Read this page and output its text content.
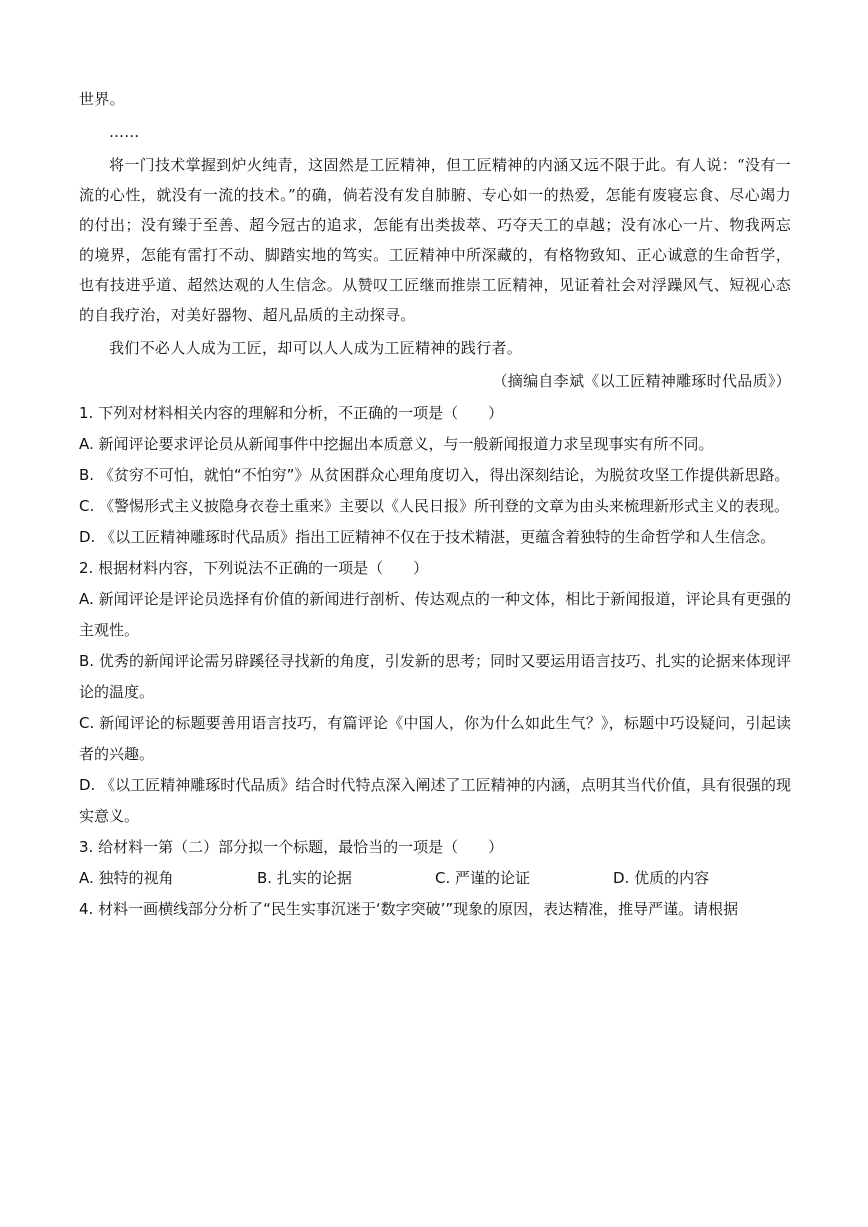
世界。

……

将一门技术掌握到炉火纯青，这固然是工匠精神，但工匠精神的内涵又远不限于此。有人说：“没有一流的心性，就没有一流的技术。”的确，倘若没有发自肺腑、专心如一的热爱，怎能有废寝忘食、尽心竭力的付出；没有臻于至善、超今冠古的追求，怎能有出类拔萃、巧夺天工的卓越；没有冰心一片、物我两忘的境界，怎能有雷打不动、脚踏实地的笃实。工匠精神中所深藏的，有格物致知、正心诚意的生命哲学，也有技进乎道、超然达观的人生信念。从赞叹工匠继而推崇工匠精神，见证着社会对浮躁风气、短视心态的自我疗治，对美好器物、超凡品质的主动探寻。

我们不必人人成为工匠，却可以人人成为工匠精神的践行者。

（摘编自李斌《以工匠精神雕琢时代品质》）

1. 下列对材料相关内容的理解和分析，不正确的一项是（　　）

A. 新闻评论要求评论员从新闻事件中挖掘出本质意义，与一般新闻报道力求呈现事实有所不同。

B. 《贫穷不可怕，就怕“不怕穷”》从贫困群众心理角度切入，得出深刻结论，为脱贫攻坚工作提供新思路。

C. 《警惕形式主义披隐身衣卷土重来》主要以《人民日报》所刊登的文章为由头来梳理新形式主义的表现。

D. 《以工匠精神雕琢时代品质》指出工匠精神不仅在于技术精湛，更蕴含着独特的生命哲学和人生信念。

2. 根据材料内容，下列说法不正确的一项是（　　）

A. 新闻评论是评论员选择有价值的新闻进行剖析、传达观点的一种文体，相比于新闻报道，评论具有更强的主观性。

B. 优秀的新闻评论需另辟蹊径寻找新的角度，引发新的思考；同时又要运用语言技巧、扎实的论据来体现评论的温度。

C. 新闻评论的标题要善用语言技巧，有篇评论《中国人，你为什么如此生气？》，标题中巧设疑问，引起读者的兴趣。

D. 《以工匠精神雕琢时代品质》结合时代特点深入阐述了工匠精神的内涵，点明其当代价值，具有很强的现实意义。

3. 给材料一第（二）部分拟一个标题，最恰当的一项是（　　）

A. 独特的视角	B. 扎实的论据	C. 严谨的论证	D. 优质的内容

4. 材料一画横线部分分析了“民生实事沉迷于‘数字突破’”现象的原因，表达精准，推导严谨。请根据
